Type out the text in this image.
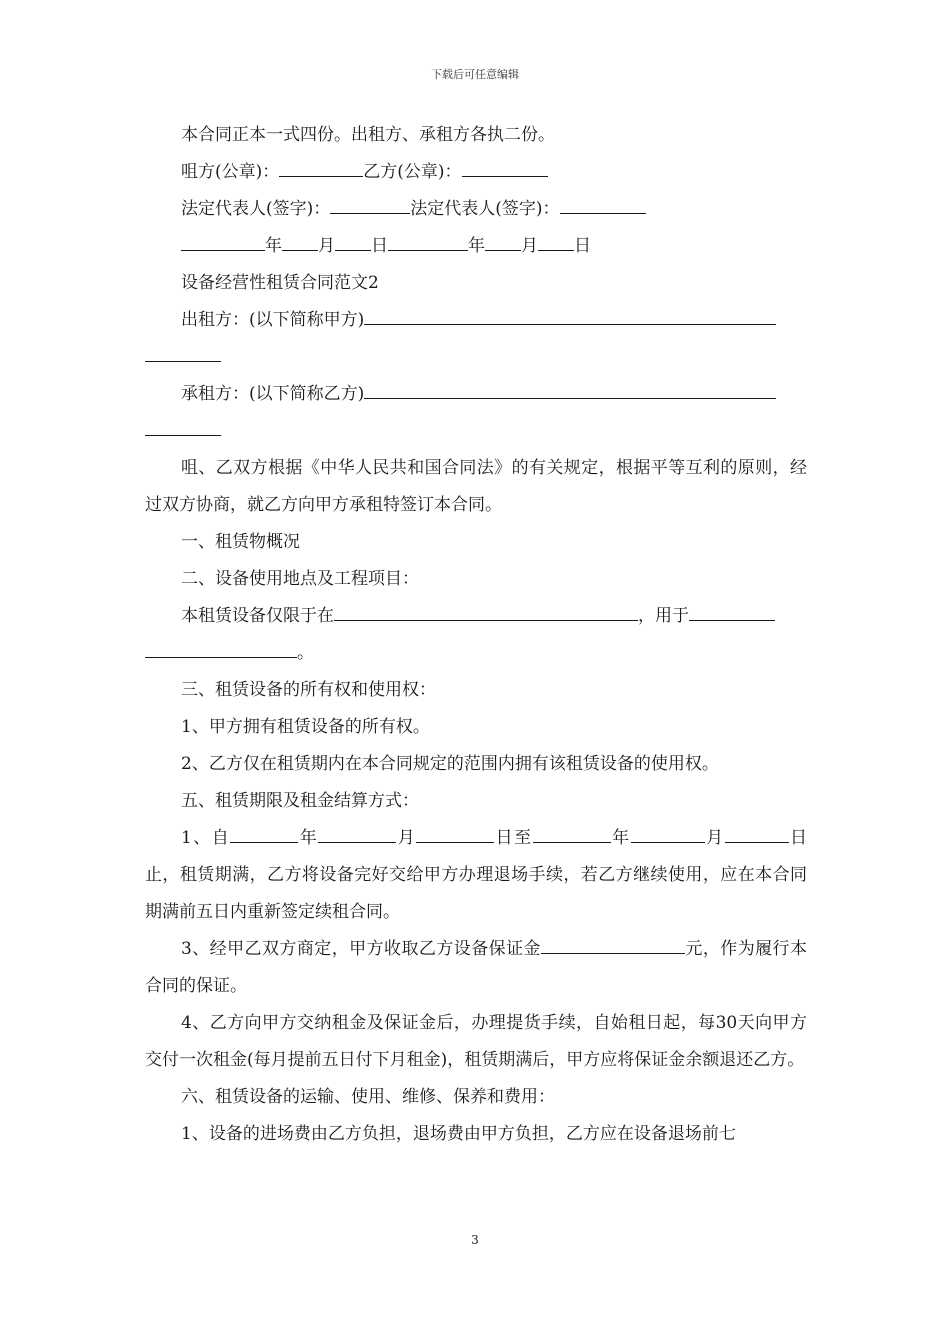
下载后可任意编辑

本合同正本一式四份。出租方、承租方各执二份。

咀方(公章)：	乙方(公章)：

法定代表人(签字)：	法定代表人(签字)：

年 月 日	年 月 日

设备经营性租赁合同范文2

出租方：(以下简称甲方)

承租方：(以下简称乙方)

咀、乙双方根据《中华人民共和国合同法》的有关规定，根据平等互利的原则，经过双方协商，就乙方向甲方承租特签订本合同。

一、租赁物概况

二、设备使用地点及工程项目：

本租赁设备仅限于在	，用于

。

三、租赁设备的所有权和使用权：

1、甲方拥有租赁设备的所有权。

2、乙方仅在租赁期内在本合同规定的范围内拥有该租赁设备的使用权。

五、租赁期限及租金结算方式：

1、自	年	月	日至	年	月	日止，租赁期满，乙方将设备完好交给甲方办理退场手续，若乙方继续使用，应在本合同期满前五日内重新签定续租合同。

3、经甲乙双方商定，甲方收取乙方设备保证金	元，作为履行本合同的保证。

4、乙方向甲方交纳租金及保证金后，办理提货手续，自始租日起，每30天向甲方交付一次租金(每月提前五日付下月租金)，租赁期满后，甲方应将保证金余额退还乙方。

六、租赁设备的运输、使用、维修、保养和费用：

1、设备的进场费由乙方负担，退场费由甲方负担，乙方应在设备退场前七

3
